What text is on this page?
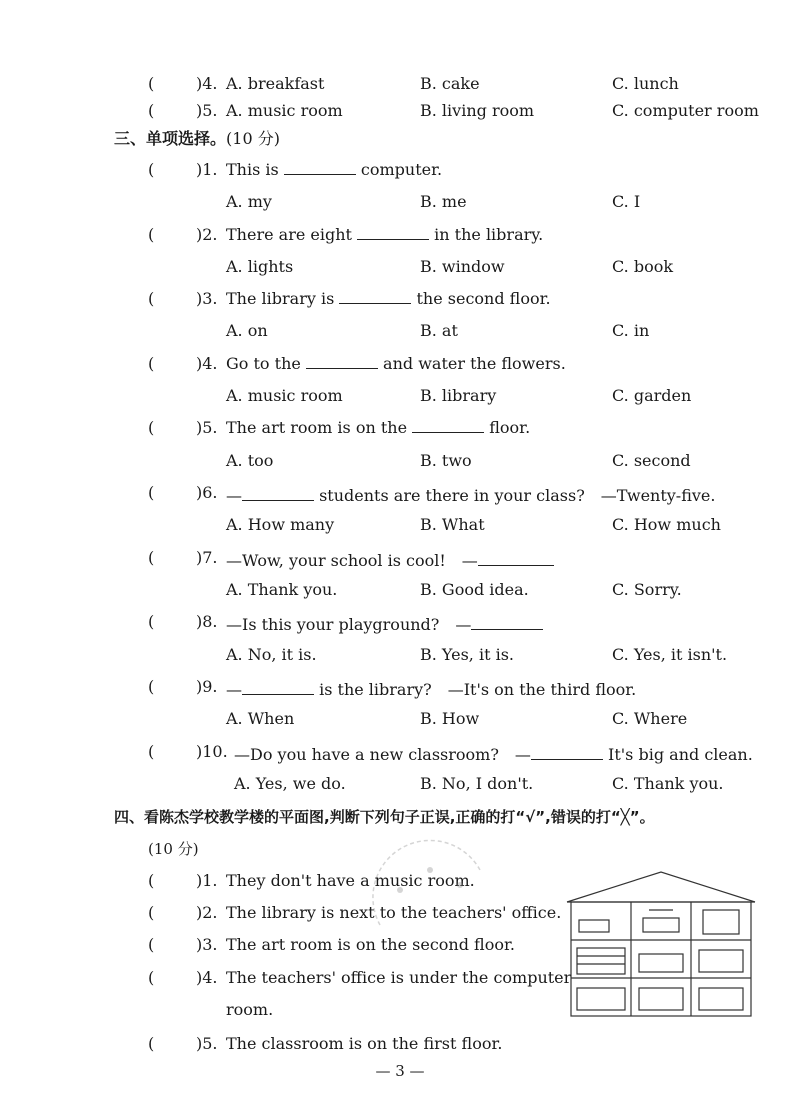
(	)4. A. breakfast	B. cake	C. lunch
(	)5. A. music room	B. living room	C. computer room
三、单项选择。(10 分)
(	)1. This is	computer.
A. my	B. me	C. I
(	)2. There are eight	in the library.
A. lights	B. window	C. book
(	)3. The library is	the second floor.
A. on	B. at	C. in
(	)4. Go to the	and water the flowers.
A. music room	B. library	C. garden
(	)5. The art room is on the	floor.
A. too	B. two	C. second
(	)6. —	students are there in your class?　—Twenty-five.
A. How many	B. What	C. How much
(	)7. —Wow, your school is cool!　—
A. Thank you.	B. Good idea.	C. Sorry.
(	)8. —Is this your playground?　—
A. No, it is.	B. Yes, it is.	C. Yes, it isn't.
(	)9. —	is the library?　—It's on the third floor.
A. When	B. How	C. Where
(	)10. —Do you have a new classroom?　—	It's big and clean.
A. Yes, we do.	B. No, I don't.	C. Thank you.
四、看陈杰学校教学楼的平面图,判断下列句子正误,正确的打“√”,错误的打“╳”。
(10 分)
(	)1. They don't have a music room.
(	)2. The library is next to the teachers' office.
(	)3. The art room is on the second floor.
(	)4. The teachers' office is under the computer
room.
(	)5. The classroom is on the first floor.
— 3 —
